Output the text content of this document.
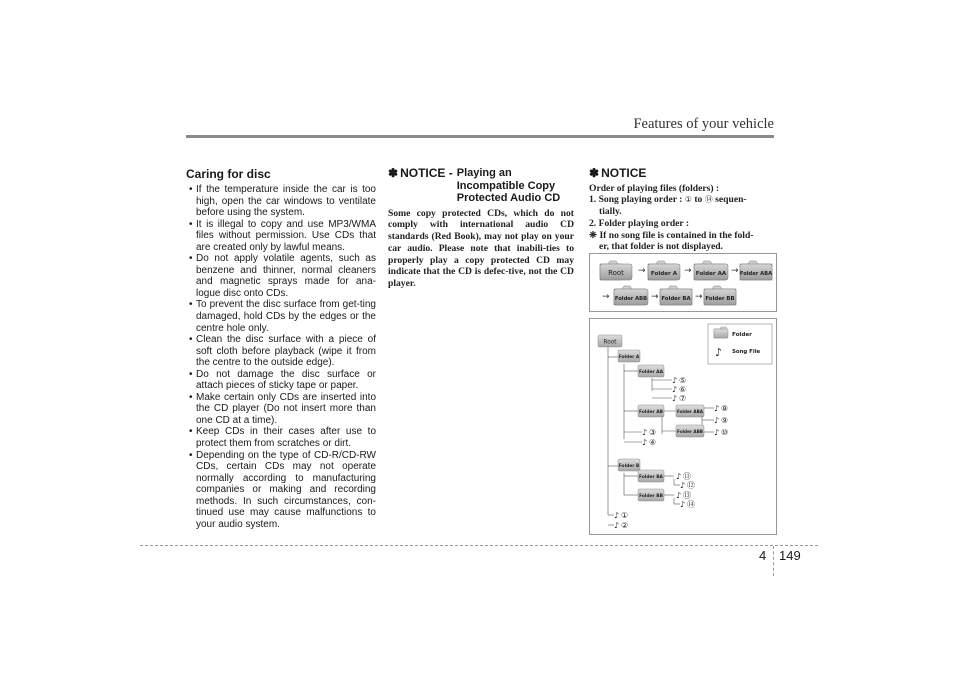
Features of your vehicle
Caring for disc
• If the temperature inside the car is too high, open the car windows to ventilate before using the system.
• It is illegal to copy and use MP3/WMA files without permission. Use CDs that are created only by lawful means.
• Do not apply volatile agents, such as benzene and thinner, normal cleaners and magnetic sprays made for ana-logue disc onto CDs.
• To prevent the disc surface from get-ting damaged, hold CDs by the edges or the centre hole only.
• Clean the disc surface with a piece of soft cloth before playback (wipe it from the centre to the outside edge).
• Do not damage the disc surface or attach pieces of sticky tape or paper.
• Make certain only CDs are inserted into the CD player (Do not insert more than one CD at a time).
• Keep CDs in their cases after use to protect them from scratches or dirt.
• Depending on the type of CD-R/CD-RW CDs, certain CDs may not operate normally according to manufacturing companies or making and recording methods. In such circumstances, con-tinued use may cause malfunctions to your audio system.
✽ NOTICE - Playing an
Incompatible Copy
Protected Audio CD
Some copy protected CDs, which do not comply with international audio CD standards (Red Book), may not play on your car audio. Please note that inabili-ties to properly play a copy protected CD may indicate that the CD is defec-tive, not the CD player.
✽ NOTICE
Order of playing files (folders) :
1. Song playing order : ① to ⑭ sequen-
tially.
2. Folder playing order :
❈ If no song file is contained in the fold-
er, that folder is not displayed.
Root → Folder A → Folder AA → Folder ABA
→ Folder ABB → Folder BA → Folder BB
Folder
♪ Song File
Root
Folder A
Folder AA
Folder AB	Folder ABA
Folder ABB
Folder B
Folder BA
Folder BB
♪ ⑤
♪ ⑥
♪ ⑦
♪ ⑧
♪ ⑨
♪ ⑩
♪ ③
♪ ④
♪ ⑪
♪ ⑫
♪ ⑬
♪ ⑭
♪ ①
♪ ②
4 149
